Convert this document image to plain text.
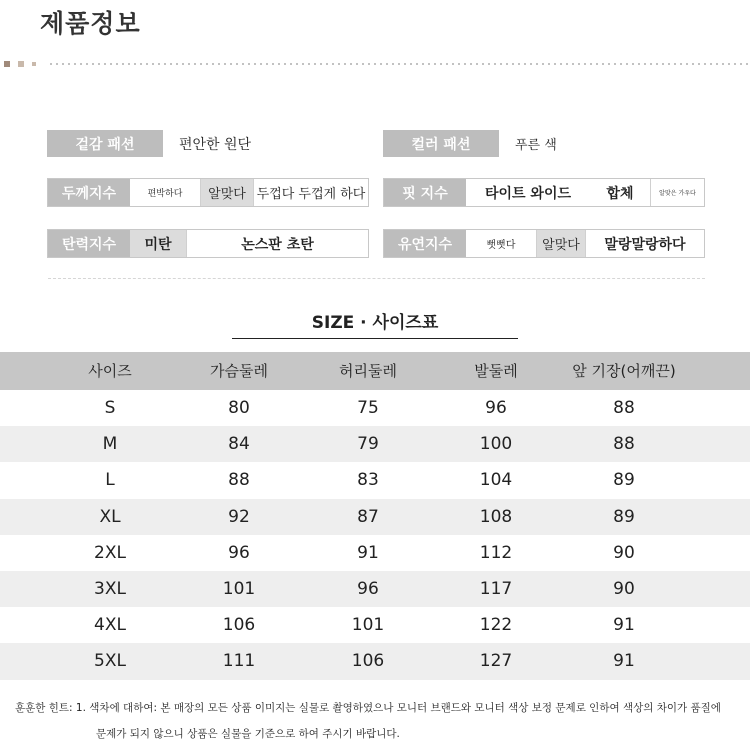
제품정보
겉감 패션	편안한 원단	컬러 패션	푸른 색
두께지수	편박하다	알맞다 두껍다 두껍게 하다	핏 지수	타이트 와이드	합체	알맞은 가우다
탄력지수	미탄	논스판 초탄	유연지수	뻣뻣다	알맞다	말랑말랑하다
SIZE · 사이즈표
사이즈	가슴둘레	허리둘레	발둘레	앞 기장(어깨끈)
S	80	75	96	88
M	84	79	100	88
L	88	83	104	89
XL	92	87	108	89
2XL	96	91	112	90
3XL	101	96	117	90
4XL	106	101	122	91
5XL	111	106	127	91
훈훈한 힌트: 1. 색차에 대하여: 본 매장의 모든 상품 이미지는 실물로 촬영하였으나 모니터 브랜드와 모니터 색상 보정 문제로 인하여 색상의 차이가 품질에
문제가 되지 않으니 상품은 실물을 기준으로 하여 주시기 바랍니다.
